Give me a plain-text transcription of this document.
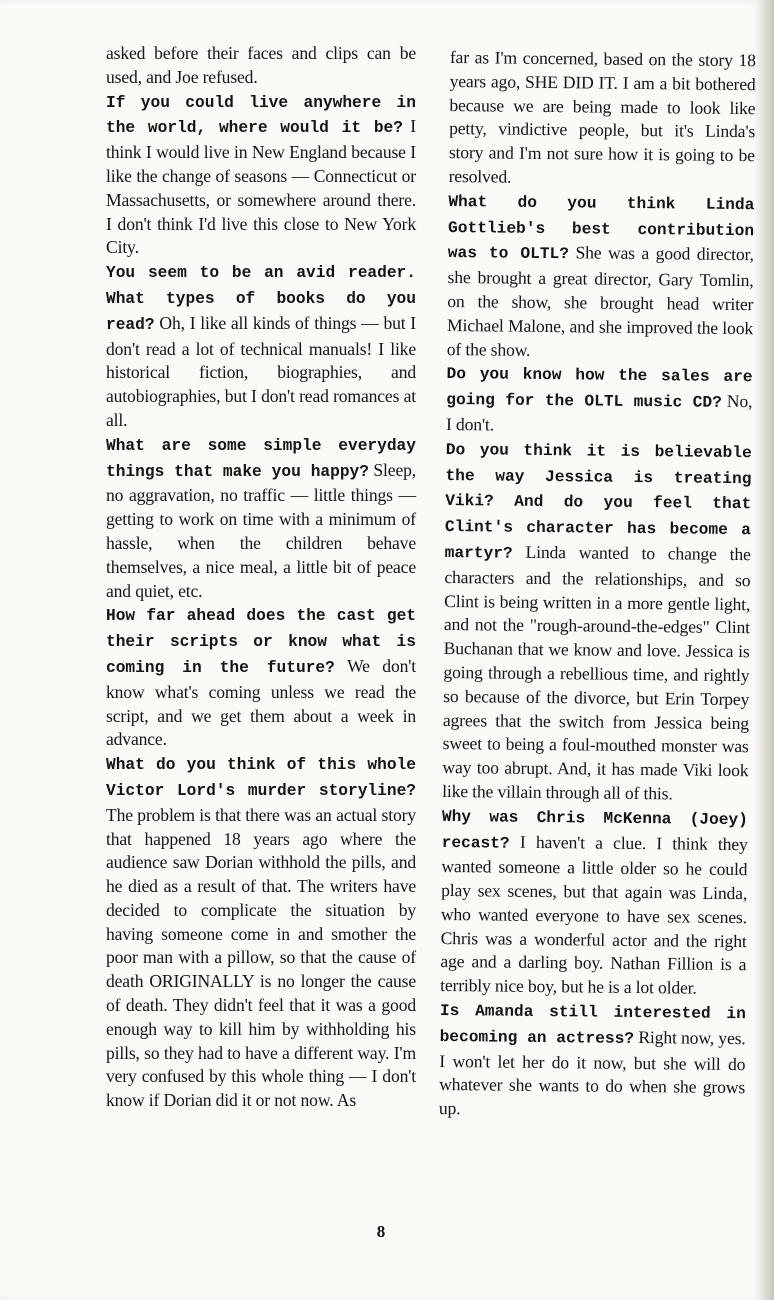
asked before their faces and clips can be used, and Joe refused.

If you could live anywhere in the world, where would it be? I think I would live in New England because I like the change of seasons — Connecticut or Massachusetts, or somewhere around there. I don't think I'd live this close to New York City.

You seem to be an avid reader. What types of books do you read? Oh, I like all kinds of things — but I don't read a lot of technical manuals! I like historical fiction, biographies, and autobiographies, but I don't read romances at all.

What are some simple everyday things that make you happy? Sleep, no aggravation, no traffic — little things — getting to work on time with a minimum of hassle, when the children behave themselves, a nice meal, a little bit of peace and quiet, etc.

How far ahead does the cast get their scripts or know what is coming in the future? We don't know what's coming unless we read the script, and we get them about a week in advance.

What do you think of this whole Victor Lord's murder storyline? The problem is that there was an actual story that happened 18 years ago where the audience saw Dorian withhold the pills, and he died as a result of that. The writers have decided to complicate the situation by having someone come in and smother the poor man with a pillow, so that the cause of death ORIGINALLY is no longer the cause of death. They didn't feel that it was a good enough way to kill him by withholding his pills, so they had to have a different way. I'm very confused by this whole thing — I don't know if Dorian did it or not now. As

far as I'm concerned, based on the story 18 years ago, SHE DID IT. I am a bit bothered because we are being made to look like petty, vindictive people, but it's Linda's story and I'm not sure how it is going to be resolved.

What do you think Linda Gottlieb's best contribution was to OLTL? She was a good director, she brought a great director, Gary Tomlin, on the show, she brought head writer Michael Malone, and she improved the look of the show.

Do you know how the sales are going for the OLTL music CD? No, I don't.

Do you think it is believable the way Jessica is treating Viki? And do you feel that Clint's character has become a martyr? Linda wanted to change the characters and the relationships, and so Clint is being written in a more gentle light, and not the "rough-around-the-edges" Clint Buchanan that we know and love. Jessica is going through a rebellious time, and rightly so because of the divorce, but Erin Torpey agrees that the switch from Jessica being sweet to being a foul-mouthed monster was way too abrupt. And, it has made Viki look like the villain through all of this.

Why was Chris McKenna (Joey) recast? I haven't a clue. I think they wanted someone a little older so he could play sex scenes, but that again was Linda, who wanted everyone to have sex scenes. Chris was a wonderful actor and the right age and a darling boy. Nathan Fillion is a terribly nice boy, but he is a lot older.

Is Amanda still interested in becoming an actress? Right now, yes. I won't let her do it now, but she will do whatever she wants to do when she grows up.

8
